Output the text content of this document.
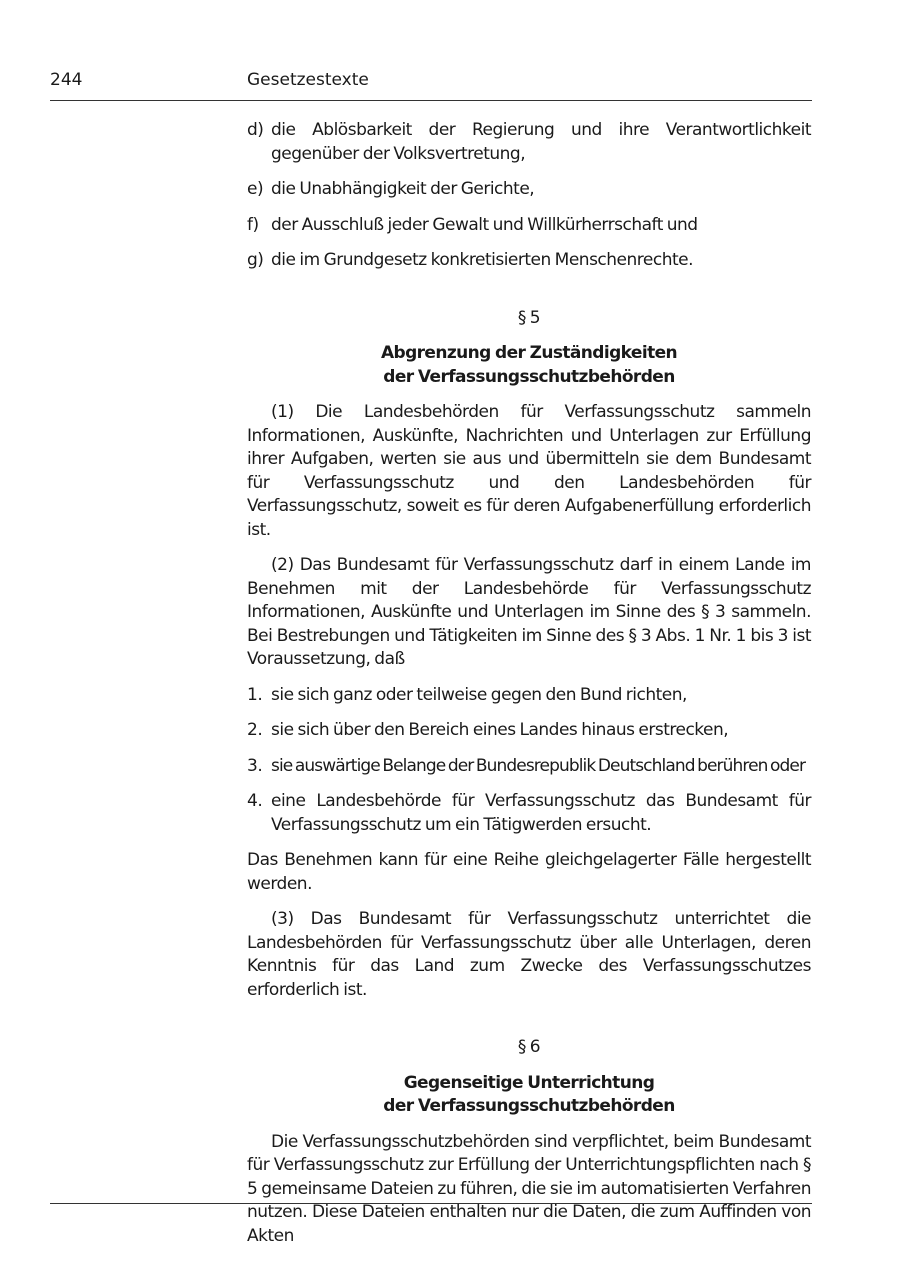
244	Gesetzestexte
d) die Ablösbarkeit der Regierung und ihre Verantwortlichkeit gegenüber der Volksvertretung,
e) die Unabhängigkeit der Gerichte,
f) der Ausschluß jeder Gewalt und Willkürherrschaft und
g) die im Grundgesetz konkretisierten Menschenrechte.
§ 5
Abgrenzung der Zuständigkeiten
der Verfassungsschutzbehörden

(1) Die Landesbehörden für Verfassungsschutz sammeln Informationen, Auskünfte, Nachrichten und Unterlagen zur Erfüllung ihrer Aufgaben, werten sie aus und übermitteln sie dem Bundesamt für Verfassungsschutz und den Landesbehörden für Verfassungsschutz, soweit es für deren Aufgabenerfüllung erforderlich ist.

(2) Das Bundesamt für Verfassungsschutz darf in einem Lande im Benehmen mit der Landesbehörde für Verfassungsschutz Informationen, Auskünfte und Unterlagen im Sinne des § 3 sammeln. Bei Bestrebungen und Tätigkeiten im Sinne des § 3 Abs. 1 Nr. 1 bis 3 ist Voraussetzung, daß

1. sie sich ganz oder teilweise gegen den Bund richten,
2. sie sich über den Bereich eines Landes hinaus erstrecken,
3. sie auswärtige Belange der Bundesrepublik Deutschland berühren oder
4. eine Landesbehörde für Verfassungsschutz das Bundesamt für Verfassungsschutz um ein Tätigwerden ersucht.

Das Benehmen kann für eine Reihe gleichgelagerter Fälle hergestellt werden.

(3) Das Bundesamt für Verfassungsschutz unterrichtet die Landesbehörden für Verfassungsschutz über alle Unterlagen, deren Kenntnis für das Land zum Zwecke des Verfassungsschutzes erforderlich ist.

§ 6
Gegenseitige Unterrichtung
der Verfassungsschutzbehörden

Die Verfassungsschutzbehörden sind verpflichtet, beim Bundesamt für Verfassungsschutz zur Erfüllung der Unterrichtungspflichten nach § 5 gemeinsame Dateien zu führen, die sie im automatisierten Verfahren nutzen. Diese Dateien enthalten nur die Daten, die zum Auffinden von Akten
